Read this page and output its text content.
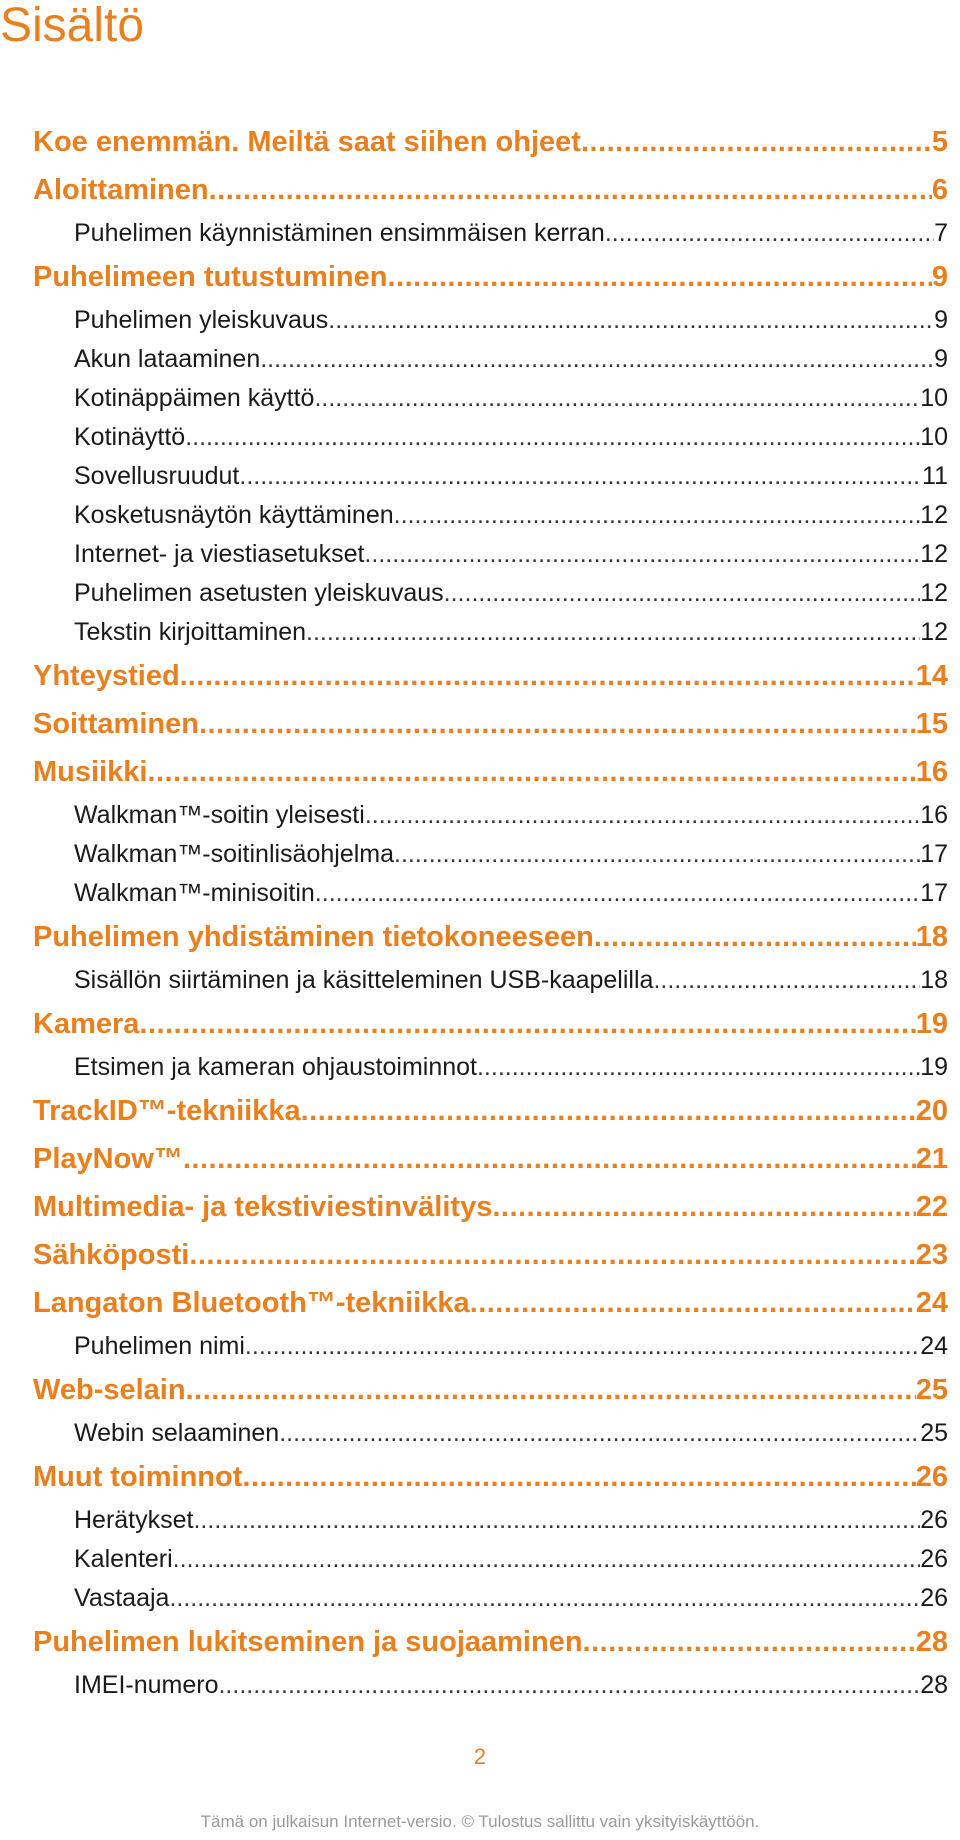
Sisältö
Koe enemmän. Meiltä saat siihen ohjeet .....	5
Aloittaminen .....	6
Puhelimen käynnistäminen ensimmäisen kerran .....	7
Puhelimeen tutustuminen .....	9
Puhelimen yleiskuvaus .....	9
Akun lataaminen .....	9
Kotinäppäimen käyttö .....	10
Kotinäyttö .....	10
Sovellusruudut .....	11
Kosketusnäytön käyttäminen .....	12
Internet- ja viestiasetukset .....	12
Puhelimen asetusten yleiskuvaus .....	12
Tekstin kirjoittaminen .....	12
Yhteystied. .....	14
Soittaminen .....	15
Musiikki .....	16
Walkman™-soitin yleisesti .....	16
Walkman™-soitinlisäohjelma .....	17
Walkman™-minisoitin .....	17
Puhelimen yhdistäminen tietokoneeseen .....	18
Sisällön siirtäminen ja käsitteleminen USB-kaapelilla .....	18
Kamera .....	19
Etsimen ja kameran ohjaustoiminnot .....	19
TrackID™-tekniikka .....	20
PlayNow™ .....	21
Multimedia- ja tekstiviestinvälitys .....	22
Sähköposti .....	23
Langaton Bluetooth™-tekniikka .....	24
Puhelimen nimi .....	24
Web-selain .....	25
Webin selaaminen .....	25
Muut toiminnot .....	26
Herätykset .....	26
Kalenteri .....	26
Vastaaja .....	26
Puhelimen lukitseminen ja suojaaminen .....	28
IMEI-numero .....	28
2
Tämä on julkaisun Internet-versio. © Tulostus sallittu vain yksityiskäyttöön.
